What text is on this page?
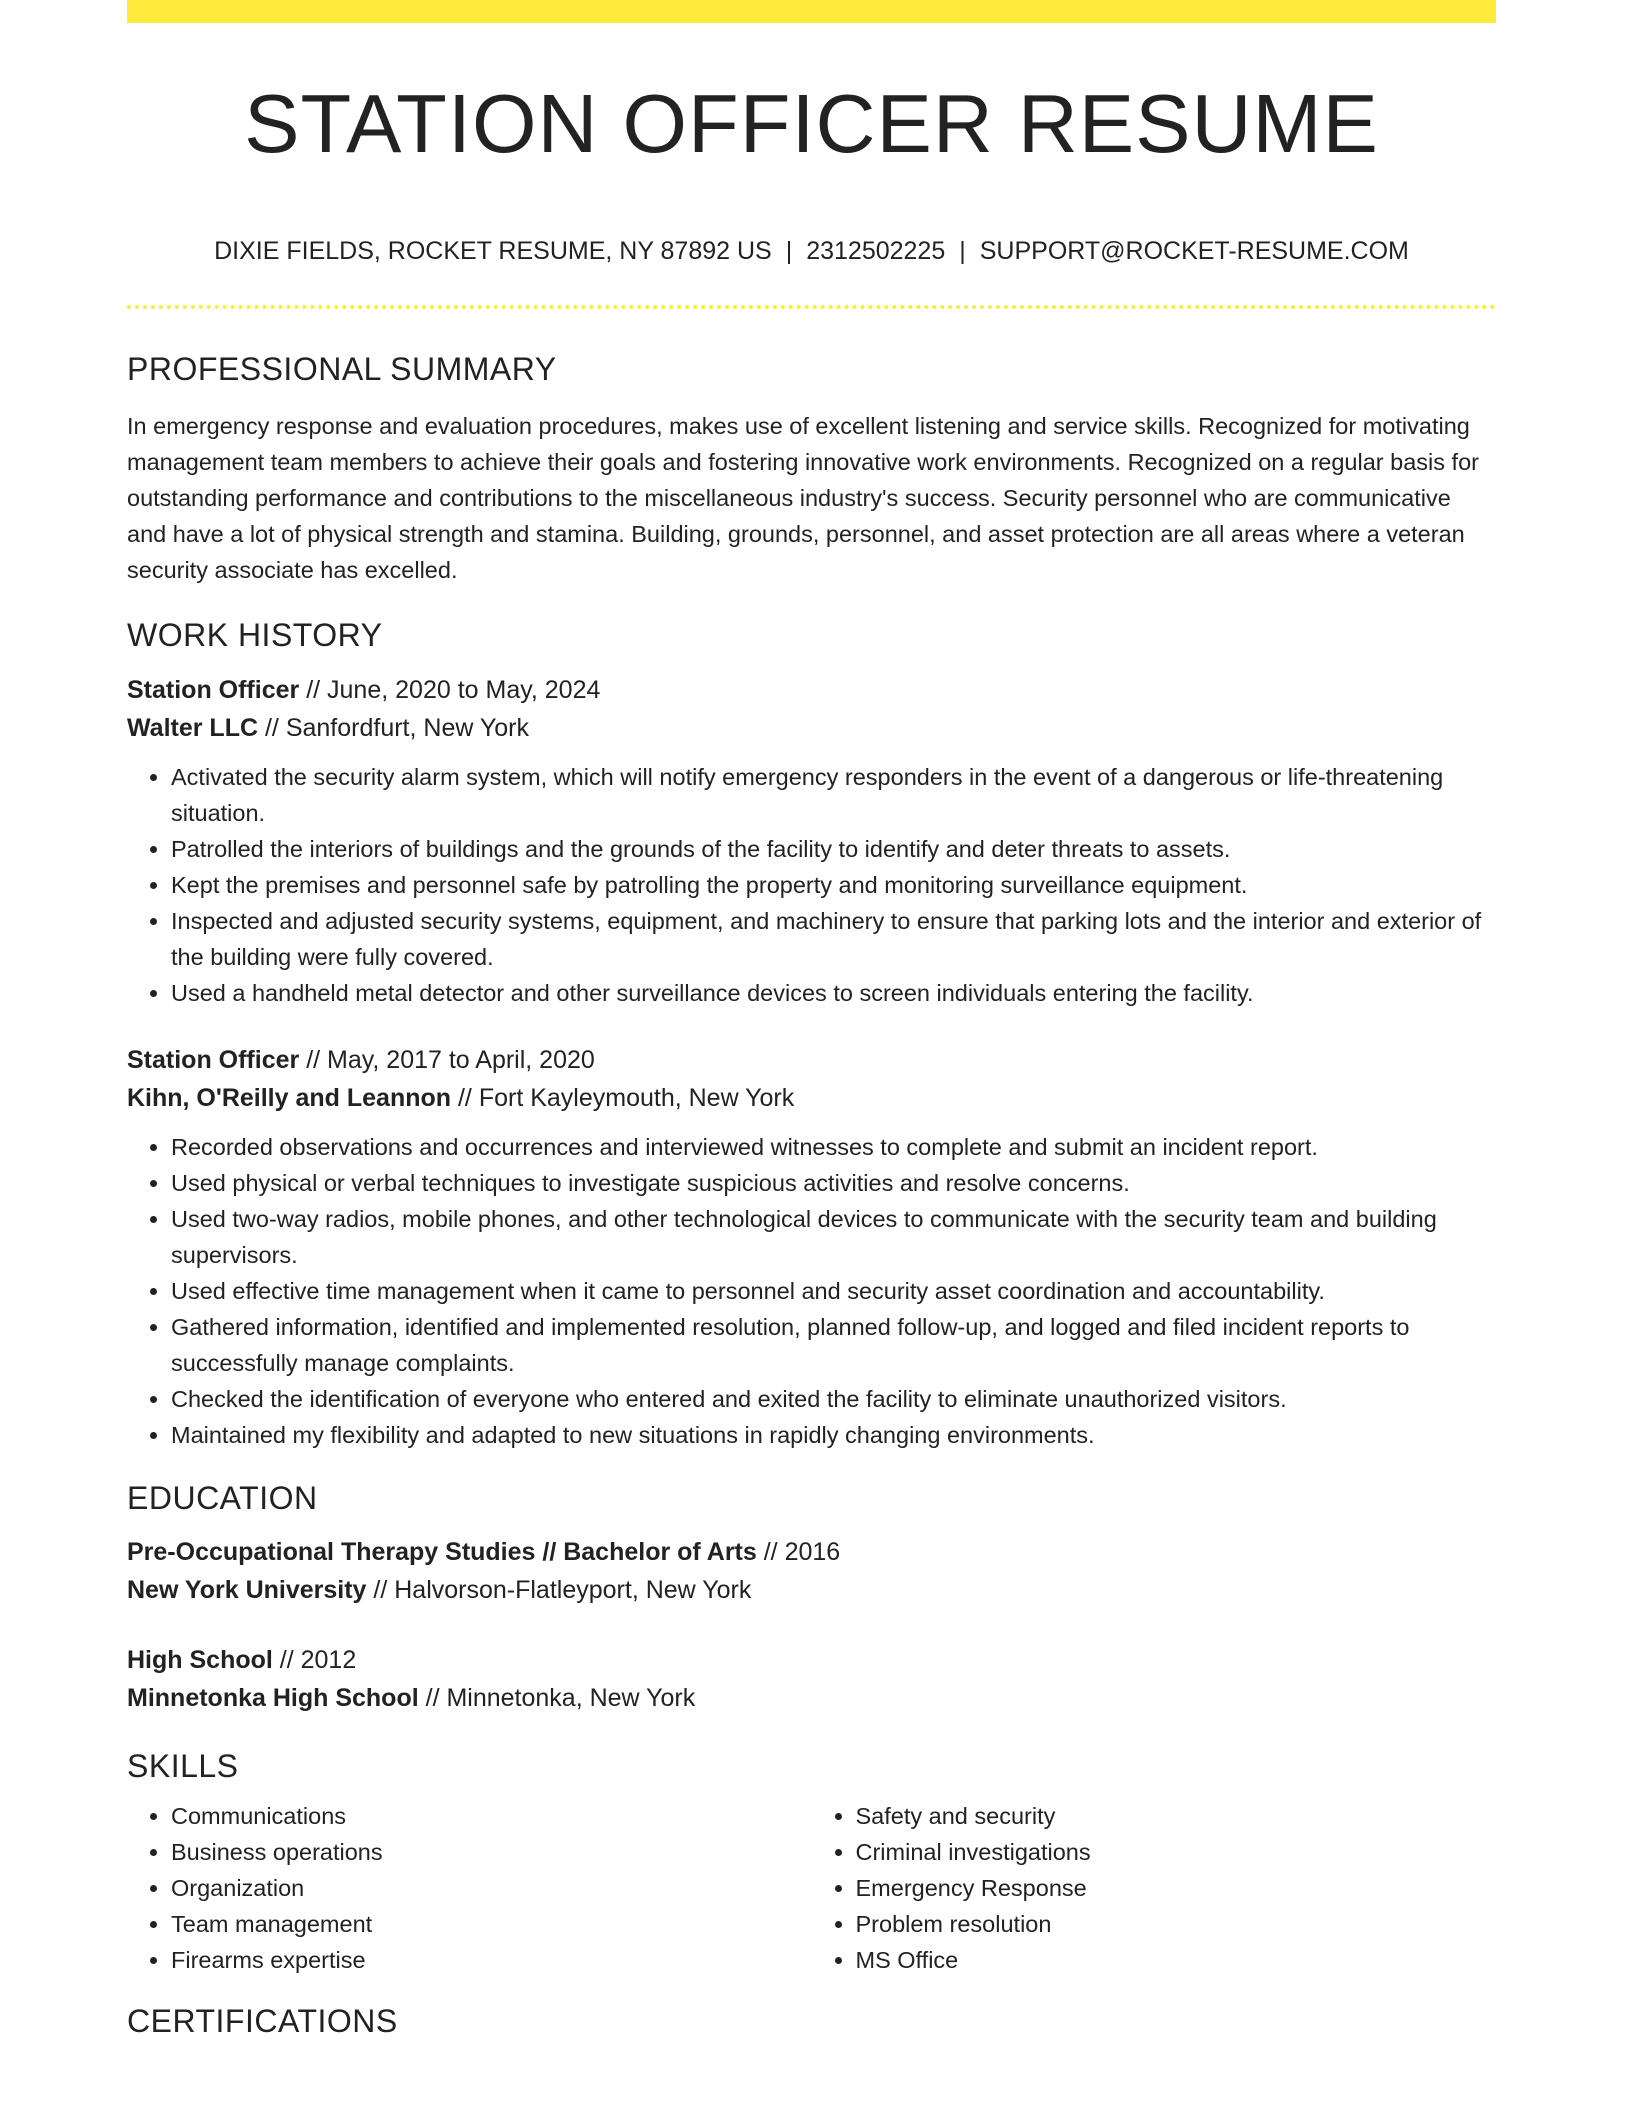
STATION OFFICER RESUME
DIXIE FIELDS, ROCKET RESUME, NY 87892 US | 2312502225 | SUPPORT@ROCKET-RESUME.COM
PROFESSIONAL SUMMARY

In emergency response and evaluation procedures, makes use of excellent listening and service skills. Recognized for motivating management team members to achieve their goals and fostering innovative work environments. Recognized on a regular basis for outstanding performance and contributions to the miscellaneous industry's success. Security personnel who are communicative and have a lot of physical strength and stamina. Building, grounds, personnel, and asset protection are all areas where a veteran security associate has excelled.

WORK HISTORY
Station Officer // June, 2020 to May, 2024
Walter LLC // Sanfordfurt, New York
• Activated the security alarm system, which will notify emergency responders in the event of a dangerous or life-threatening situation.
• Patrolled the interiors of buildings and the grounds of the facility to identify and deter threats to assets.
• Kept the premises and personnel safe by patrolling the property and monitoring surveillance equipment.
• Inspected and adjusted security systems, equipment, and machinery to ensure that parking lots and the interior and exterior of the building were fully covered.
• Used a handheld metal detector and other surveillance devices to screen individuals entering the facility.
Station Officer // May, 2017 to April, 2020
Kihn, O'Reilly and Leannon // Fort Kayleymouth, New York
• Recorded observations and occurrences and interviewed witnesses to complete and submit an incident report.
• Used physical or verbal techniques to investigate suspicious activities and resolve concerns.
• Used two-way radios, mobile phones, and other technological devices to communicate with the security team and building supervisors.
• Used effective time management when it came to personnel and security asset coordination and accountability.
• Gathered information, identified and implemented resolution, planned follow-up, and logged and filed incident reports to successfully manage complaints.
• Checked the identification of everyone who entered and exited the facility to eliminate unauthorized visitors.
• Maintained my flexibility and adapted to new situations in rapidly changing environments.
EDUCATION
Pre-Occupational Therapy Studies // Bachelor of Arts // 2016
New York University // Halvorson-Flatleyport, New York
High School // 2012
Minnetonka High School // Minnetonka, New York
SKILLS
• Communications
• Business operations
• Organization
• Team management
• Firearms expertise
• Safety and security
• Criminal investigations
• Emergency Response
• Problem resolution
• MS Office
CERTIFICATIONS
